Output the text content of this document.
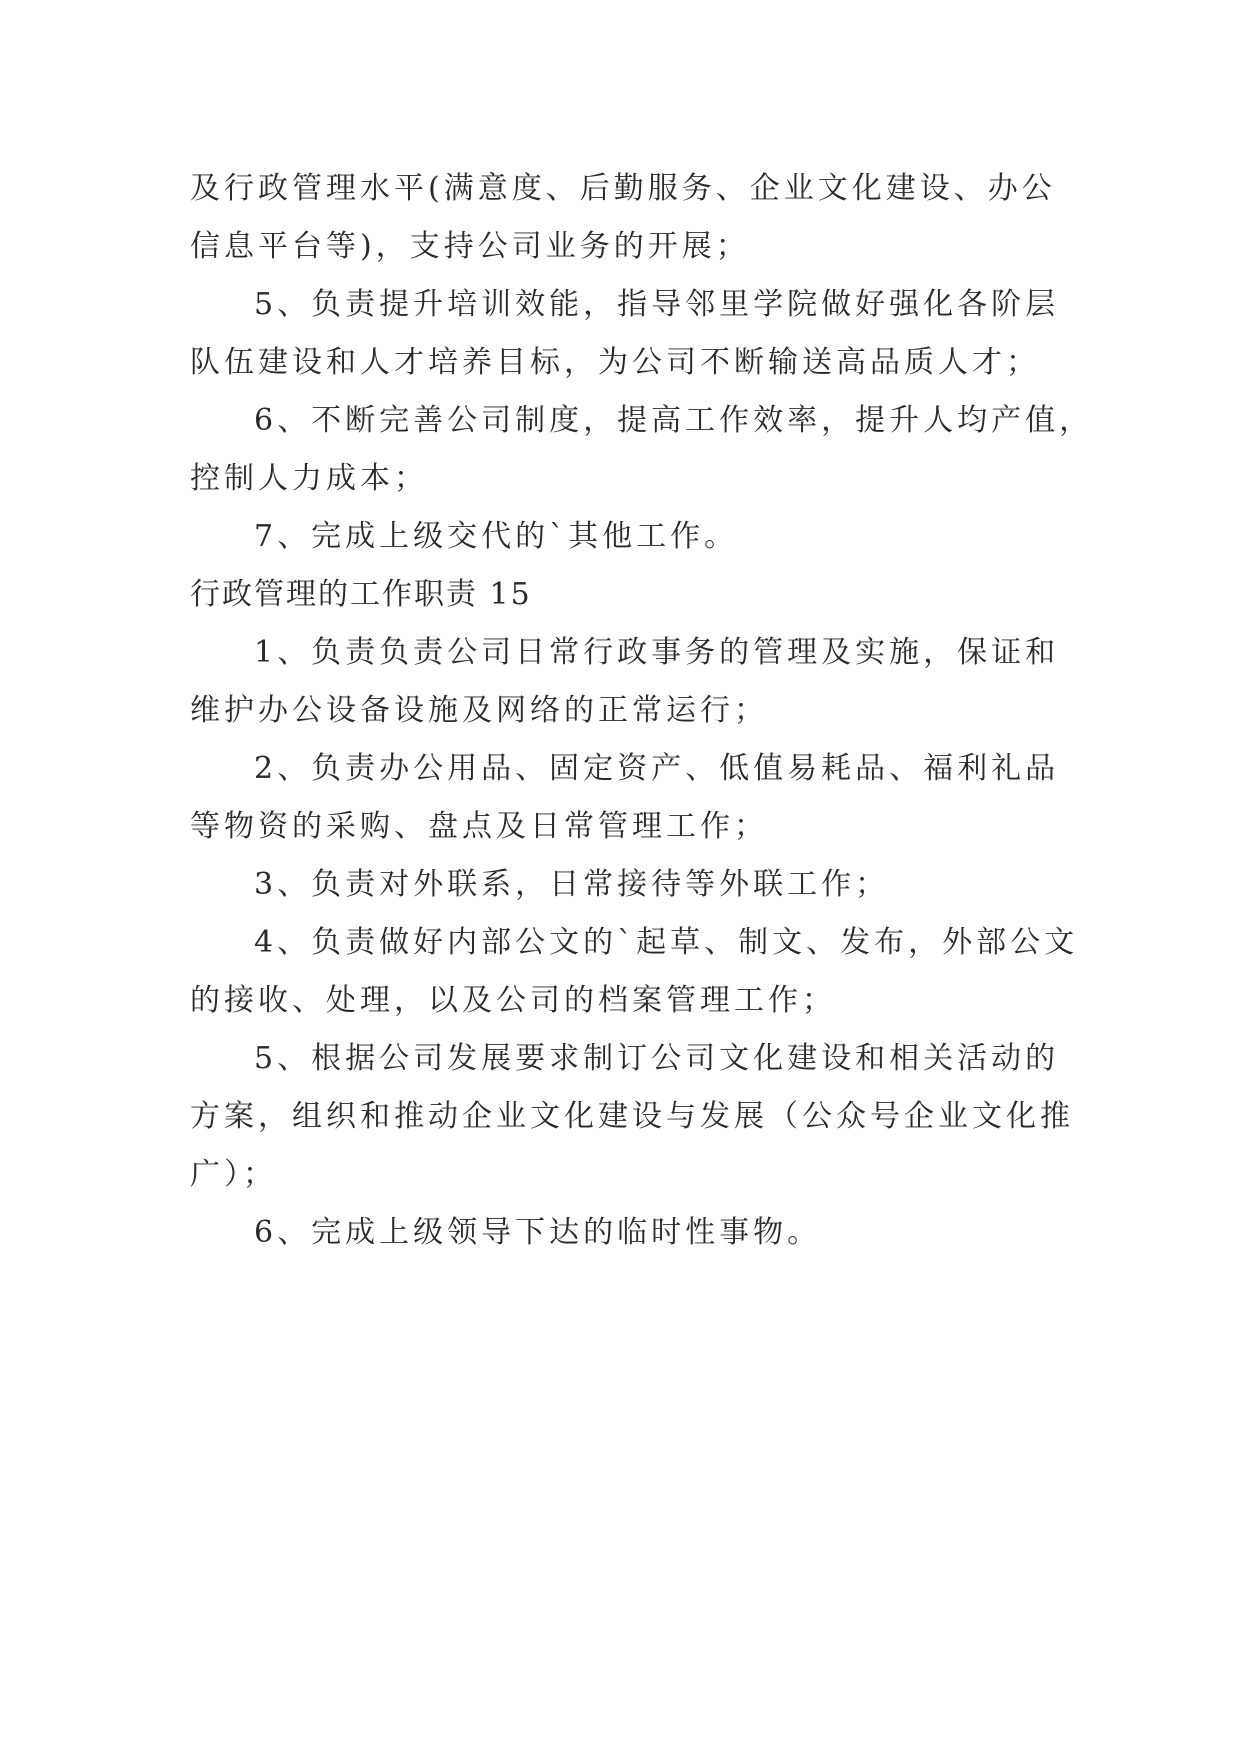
及行政管理水平(满意度、后勤服务、企业文化建设、办公
信息平台等)，支持公司业务的开展；
5、负责提升培训效能，指导邻里学院做好强化各阶层
队伍建设和人才培养目标，为公司不断输送高品质人才；
6、不断完善公司制度，提高工作效率，提升人均产值，
控制人力成本；
7、完成上级交代的`其他工作。
行政管理的工作职责 15
1、负责负责公司日常行政事务的管理及实施，保证和
维护办公设备设施及网络的正常运行；
2、负责办公用品、固定资产、低值易耗品、福利礼品
等物资的采购、盘点及日常管理工作；
3、负责对外联系，日常接待等外联工作；
4、负责做好内部公文的`起草、制文、发布，外部公文
的接收、处理，以及公司的档案管理工作；
5、根据公司发展要求制订公司文化建设和相关活动的
方案，组织和推动企业文化建设与发展（公众号企业文化推
广）；
6、完成上级领导下达的临时性事物。
